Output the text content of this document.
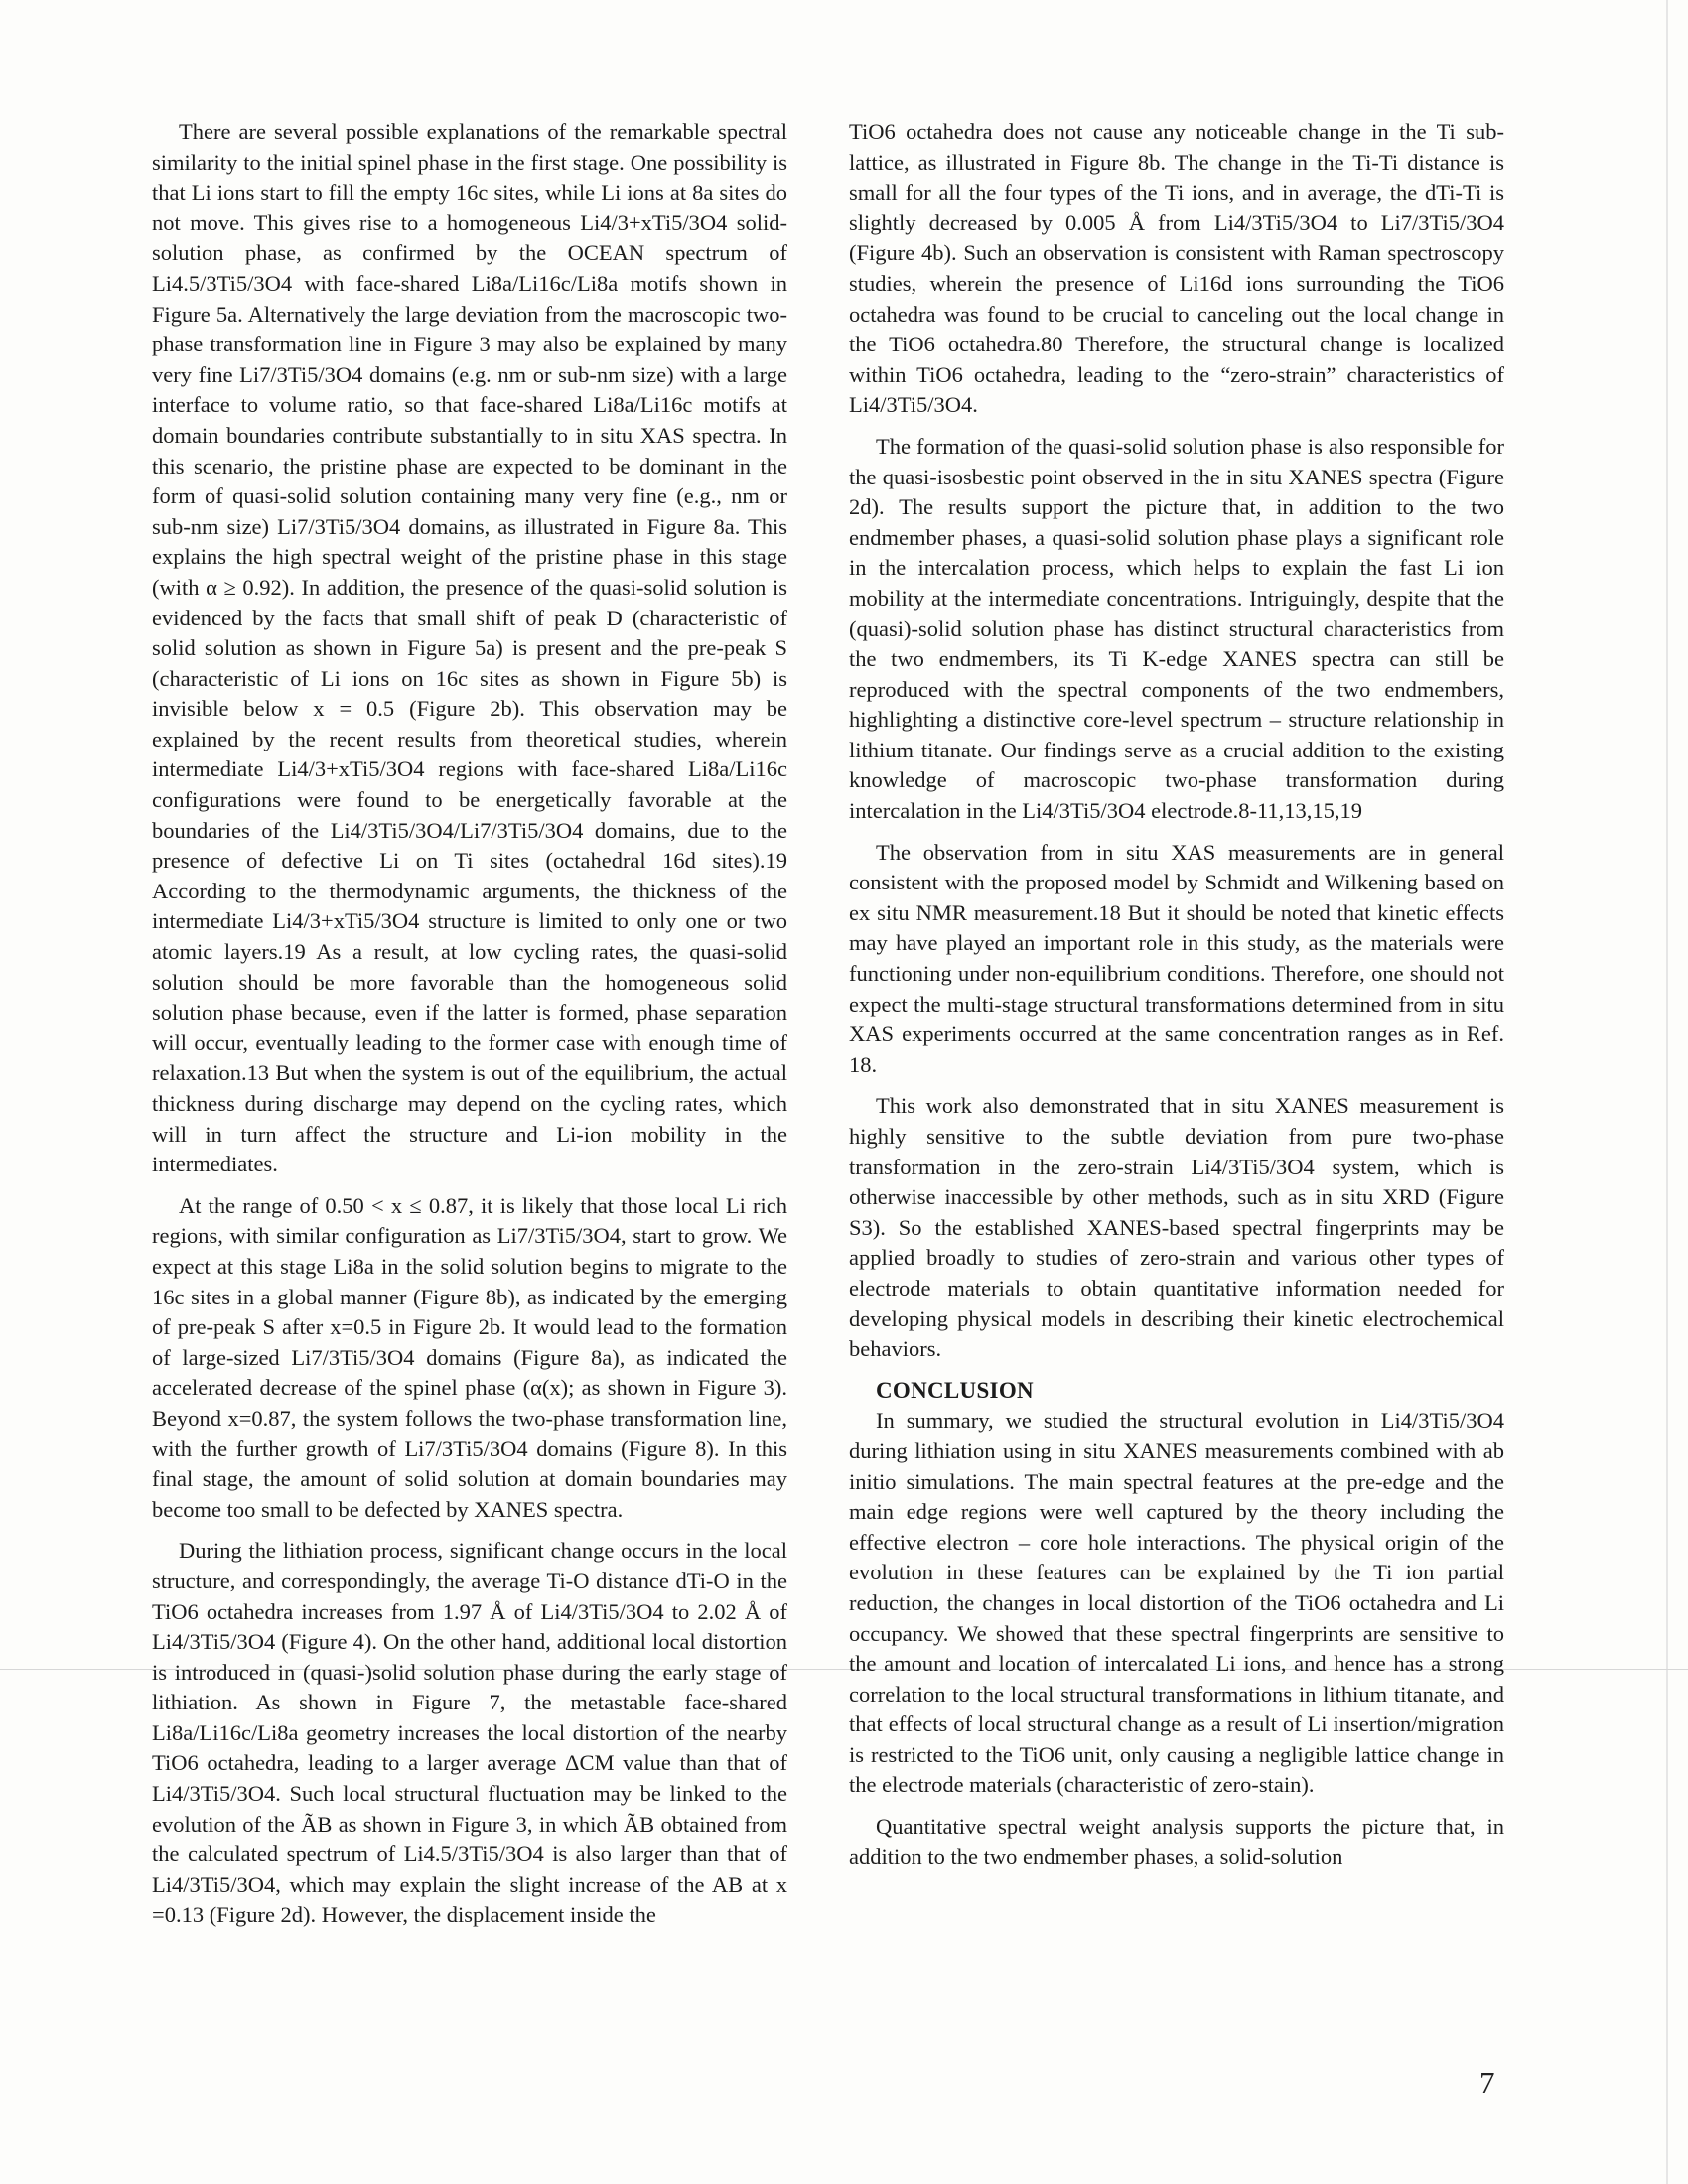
There are several possible explanations of the remarkable spectral similarity to the initial spinel phase in the first stage. One possibility is that Li ions start to fill the empty 16c sites, while Li ions at 8a sites do not move. This gives rise to a homogeneous Li4/3+xTi5/3O4 solid-solution phase, as confirmed by the OCEAN spectrum of Li4.5/3Ti5/3O4 with face-shared Li8a/Li16c/Li8a motifs shown in Figure 5a. Alternatively the large deviation from the macroscopic two-phase transformation line in Figure 3 may also be explained by many very fine Li7/3Ti5/3O4 domains (e.g. nm or sub-nm size) with a large interface to volume ratio, so that face-shared Li8a/Li16c motifs at domain boundaries contribute substantially to in situ XAS spectra. In this scenario, the pristine phase are expected to be dominant in the form of quasi-solid solution containing many very fine (e.g., nm or sub-nm size) Li7/3Ti5/3O4 domains, as illustrated in Figure 8a. This explains the high spectral weight of the pristine phase in this stage (with α ≥ 0.92). In addition, the presence of the quasi-solid solution is evidenced by the facts that small shift of peak D (characteristic of solid solution as shown in Figure 5a) is present and the pre-peak S (characteristic of Li ions on 16c sites as shown in Figure 5b) is invisible below x = 0.5 (Figure 2b). This observation may be explained by the recent results from theoretical studies, wherein intermediate Li4/3+xTi5/3O4 regions with face-shared Li8a/Li16c configurations were found to be energetically favorable at the boundaries of the Li4/3Ti5/3O4/Li7/3Ti5/3O4 domains, due to the presence of defective Li on Ti sites (octahedral 16d sites).19 According to the thermodynamic arguments, the thickness of the intermediate Li4/3+xTi5/3O4 structure is limited to only one or two atomic layers.19 As a result, at low cycling rates, the quasi-solid solution should be more favorable than the homogeneous solid solution phase because, even if the latter is formed, phase separation will occur, eventually leading to the former case with enough time of relaxation.13 But when the system is out of the equilibrium, the actual thickness during discharge may depend on the cycling rates, which will in turn affect the structure and Li-ion mobility in the intermediates.

At the range of 0.50 < x ≤ 0.87, it is likely that those local Li rich regions, with similar configuration as Li7/3Ti5/3O4, start to grow. We expect at this stage Li8a in the solid solution begins to migrate to the 16c sites in a global manner (Figure 8b), as indicated by the emerging of pre-peak S after x=0.5 in Figure 2b. It would lead to the formation of large-sized Li7/3Ti5/3O4 domains (Figure 8a), as indicated the accelerated decrease of the spinel phase (α(x); as shown in Figure 3). Beyond x=0.87, the system follows the two-phase transformation line, with the further growth of Li7/3Ti5/3O4 domains (Figure 8). In this final stage, the amount of solid solution at domain boundaries may become too small to be defected by XANES spectra.

During the lithiation process, significant change occurs in the local structure, and correspondingly, the average Ti-O distance dTi-O in the TiO6 octahedra increases from 1.97 Å of Li4/3Ti5/3O4 to 2.02 Å of Li4/3Ti5/3O4 (Figure 4). On the other hand, additional local distortion is introduced in (quasi-)solid solution phase during the early stage of lithiation. As shown in Figure 7, the metastable face-shared Li8a/Li16c/Li8a geometry increases the local distortion of the nearby TiO6 octahedra, leading to a larger average ΔCM value than that of Li4/3Ti5/3O4. Such local structural fluctuation may be linked to the evolution of the ÃB as shown in Figure 3, in which ÃB obtained from the calculated spectrum of Li4.5/3Ti5/3O4 is also larger than that of Li4/3Ti5/3O4, which may explain the slight increase of the AB at x =0.13 (Figure 2d). However, the displacement inside the

TiO6 octahedra does not cause any noticeable change in the Ti sub-lattice, as illustrated in Figure 8b. The change in the Ti-Ti distance is small for all the four types of the Ti ions, and in average, the dTi-Ti is slightly decreased by 0.005 Å from Li4/3Ti5/3O4 to Li7/3Ti5/3O4 (Figure 4b). Such an observation is consistent with Raman spectroscopy studies, wherein the presence of Li16d ions surrounding the TiO6 octahedra was found to be crucial to canceling out the local change in the TiO6 octahedra.80 Therefore, the structural change is localized within TiO6 octahedra, leading to the “zero-strain” characteristics of Li4/3Ti5/3O4.

The formation of the quasi-solid solution phase is also responsible for the quasi-isosbestic point observed in the in situ XANES spectra (Figure 2d). The results support the picture that, in addition to the two endmember phases, a quasi-solid solution phase plays a significant role in the intercalation process, which helps to explain the fast Li ion mobility at the intermediate concentrations. Intriguingly, despite that the (quasi)-solid solution phase has distinct structural characteristics from the two endmembers, its Ti K-edge XANES spectra can still be reproduced with the spectral components of the two endmembers, highlighting a distinctive core-level spectrum – structure relationship in lithium titanate. Our findings serve as a crucial addition to the existing knowledge of macroscopic two-phase transformation during intercalation in the Li4/3Ti5/3O4 electrode.8-11,13,15,19

The observation from in situ XAS measurements are in general consistent with the proposed model by Schmidt and Wilkening based on ex situ NMR measurement.18 But it should be noted that kinetic effects may have played an important role in this study, as the materials were functioning under non-equilibrium conditions. Therefore, one should not expect the multi-stage structural transformations determined from in situ XAS experiments occurred at the same concentration ranges as in Ref. 18.

This work also demonstrated that in situ XANES measurement is highly sensitive to the subtle deviation from pure two-phase transformation in the zero-strain Li4/3Ti5/3O4 system, which is otherwise inaccessible by other methods, such as in situ XRD (Figure S3). So the established XANES-based spectral fingerprints may be applied broadly to studies of zero-strain and various other types of electrode materials to obtain quantitative information needed for developing physical models in describing their kinetic electrochemical behaviors.

CONCLUSION

In summary, we studied the structural evolution in Li4/3Ti5/3O4 during lithiation using in situ XANES measurements combined with ab initio simulations. The main spectral features at the pre-edge and the main edge regions were well captured by the theory including the effective electron – core hole interactions. The physical origin of the evolution in these features can be explained by the Ti ion partial reduction, the changes in local distortion of the TiO6 octahedra and Li occupancy. We showed that these spectral fingerprints are sensitive to the amount and location of intercalated Li ions, and hence has a strong correlation to the local structural transformations in lithium titanate, and that effects of local structural change as a result of Li insertion/migration is restricted to the TiO6 unit, only causing a negligible lattice change in the electrode materials (characteristic of zero-stain).

Quantitative spectral weight analysis supports the picture that, in addition to the two endmember phases, a solid-solution

7
